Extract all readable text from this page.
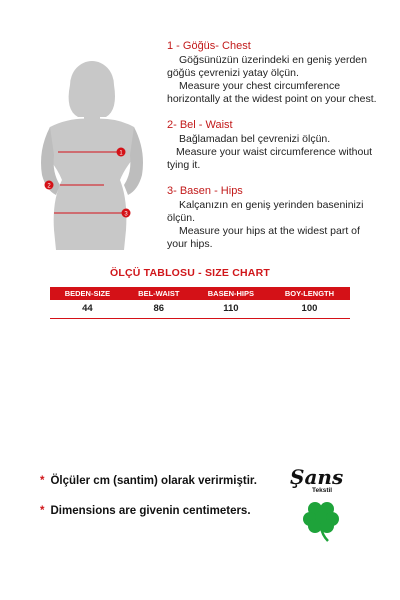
1
2
3
1 - Göğüs- Chest
Göğsünüzün üzerindeki en geniş yerden
göğüs çevrenizi yatay ölçün.
Measure your chest circumference
horizontally at the widest point on your chest.
2- Bel - Waist
Bağlamadan bel çevrenizi ölçün.
Measure your waist circumference without
tying it.
3- Basen - Hips
Kalçanızın en geniş yerinden baseninizi
ölçün.
Measure your hips at the widest part of
your hips.
ÖLÇÜ TABLOSU - SIZE CHART
BEDEN-SIZE	BEL-WAIST	BASEN-HIPS	BOY-LENGTH
44	86	110	100
* Ölçüler cm (santim) olarak verirmiştir.
* Dimensions are givenin centimeters.
Şans
Tekstil
